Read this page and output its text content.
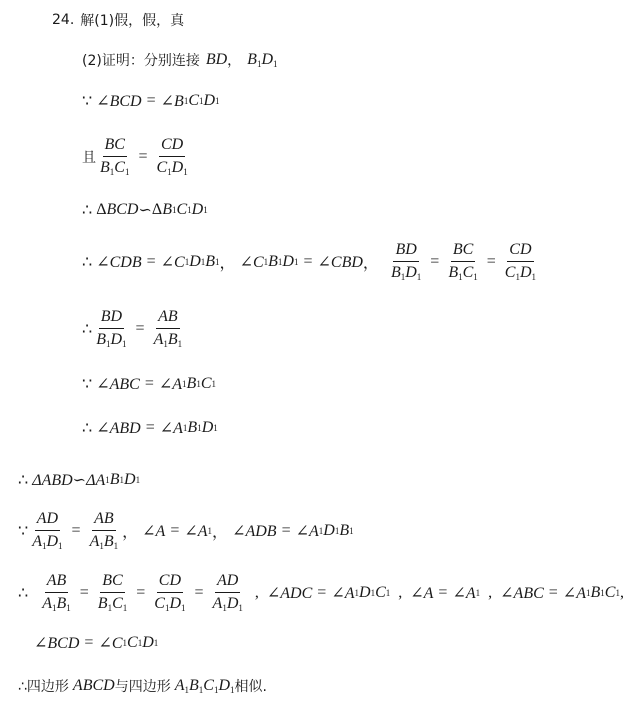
24. 解 (1)假，假，真
(2)证明： 分别连接 BD ， $B_1D_1$
∵ ∠BCD = ∠B 1 C 1 D 1
且 $\frac{BC}{B_1C_1} = \frac{CD}{C_1D_1}$
∴
Δ BCD ∽ Δ B 1 C 1 D 1
∴ ∠CDB = ∠C 1 D 1 B 1 ， ∠C 1 B 1 D 1 = ∠CBD ， $\frac{BD}{B_1D_1} = \frac{BC}{B_1C_1} = \frac{CD}{C_1D_1}$
∴ $\frac{BD}{B_1D_1} = \frac{AB}{A_1B_1}$
∵ ∠ABC = ∠A 1 B 1 C 1
∴ ∠ABD = ∠A 1 B 1 D 1
∴
ΔABD∽ΔA 1 B 1 D 1
∵ $\frac{AD}{A_1D_1} = \frac{AB}{A_1B_1}$ ， ∠A = ∠A 1 ， ∠ADB = ∠A 1 D 1 B 1
∴ $\frac{AB}{A_1B_1} = \frac{BC}{B_1C_1} = \frac{CD}{C_1D_1} = \frac{AD}{A_1D_1}$ , ∠ADC = ∠A 1 D 1 C 1 , ∠A = ∠A 1 , ∠ABC = ∠A 1 B 1 C 1 ,
∠BCD = ∠C 1 C 1 D 1
∴四边形 ABCD 与四边形 $A_1B_1C_1D_1$ 相似.
